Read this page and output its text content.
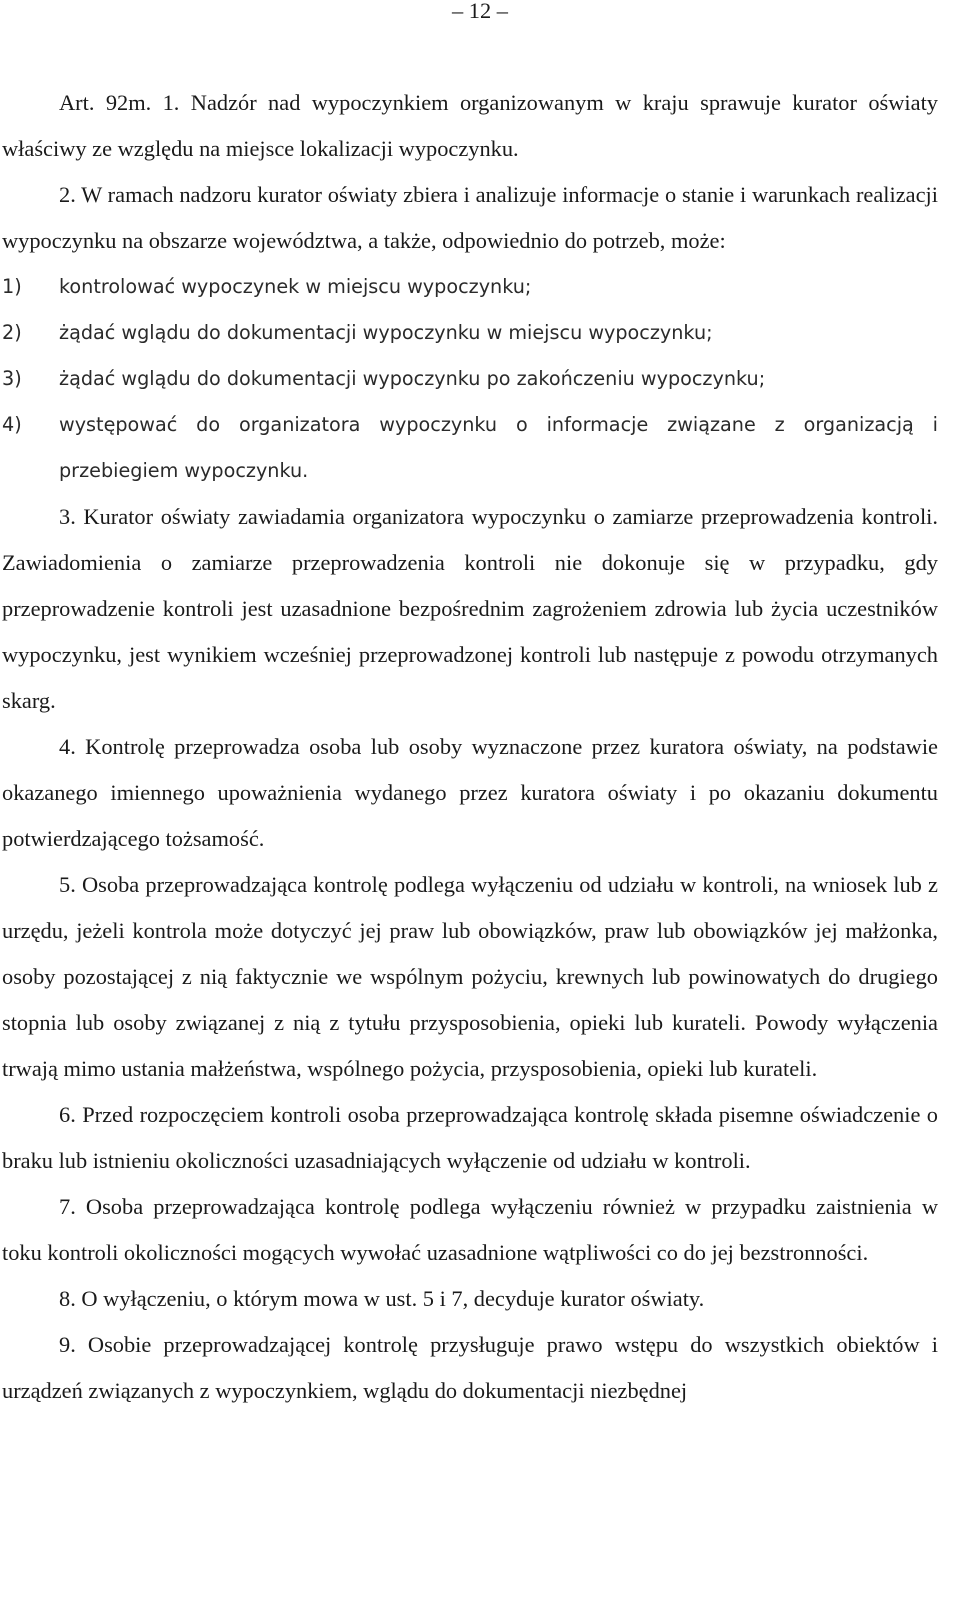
– 12 –

Art. 92m. 1. Nadzór nad wypoczynkiem organizowanym w kraju sprawuje kurator oświaty właściwy ze względu na miejsce lokalizacji wypoczynku.

2. W ramach nadzoru kurator oświaty zbiera i analizuje informacje o stanie i warunkach realizacji wypoczynku na obszarze województwa, a także, odpowiednio do potrzeb, może:

1) kontrolować wypoczynek w miejscu wypoczynku;
2) żądać wglądu do dokumentacji wypoczynku w miejscu wypoczynku;
3) żądać wglądu do dokumentacji wypoczynku po zakończeniu wypoczynku;
4) występować do organizatora wypoczynku o informacje związane z organizacją i przebiegiem wypoczynku.

3. Kurator oświaty zawiadamia organizatora wypoczynku o zamiarze przeprowadzenia kontroli. Zawiadomienia o zamiarze przeprowadzenia kontroli nie dokonuje się w przypadku, gdy przeprowadzenie kontroli jest uzasadnione bezpośrednim zagrożeniem zdrowia lub życia uczestników wypoczynku, jest wynikiem wcześniej przeprowadzonej kontroli lub następuje z powodu otrzymanych skarg.

4. Kontrolę przeprowadza osoba lub osoby wyznaczone przez kuratora oświaty, na podstawie okazanego imiennego upoważnienia wydanego przez kuratora oświaty i po okazaniu dokumentu potwierdzającego tożsamość.

5. Osoba przeprowadzająca kontrolę podlega wyłączeniu od udziału w kontroli, na wniosek lub z urzędu, jeżeli kontrola może dotyczyć jej praw lub obowiązków, praw lub obowiązków jej małżonka, osoby pozostającej z nią faktycznie we wspólnym pożyciu, krewnych lub powinowatych do drugiego stopnia lub osoby związanej z nią z tytułu przysposobienia, opieki lub kurateli. Powody wyłączenia trwają mimo ustania małżeństwa, wspólnego pożycia, przysposobienia, opieki lub kurateli.

6. Przed rozpoczęciem kontroli osoba przeprowadzająca kontrolę składa pisemne oświadczenie o braku lub istnieniu okoliczności uzasadniających wyłączenie od udziału w kontroli.

7. Osoba przeprowadzająca kontrolę podlega wyłączeniu również w przypadku zaistnienia w toku kontroli okoliczności mogących wywołać uzasadnione wątpliwości co do jej bezstronności.

8. O wyłączeniu, o którym mowa w ust. 5 i 7, decyduje kurator oświaty.

9. Osobie przeprowadzającej kontrolę przysługuje prawo wstępu do wszystkich obiektów i urządzeń związanych z wypoczynkiem, wglądu do dokumentacji niezbędnej
